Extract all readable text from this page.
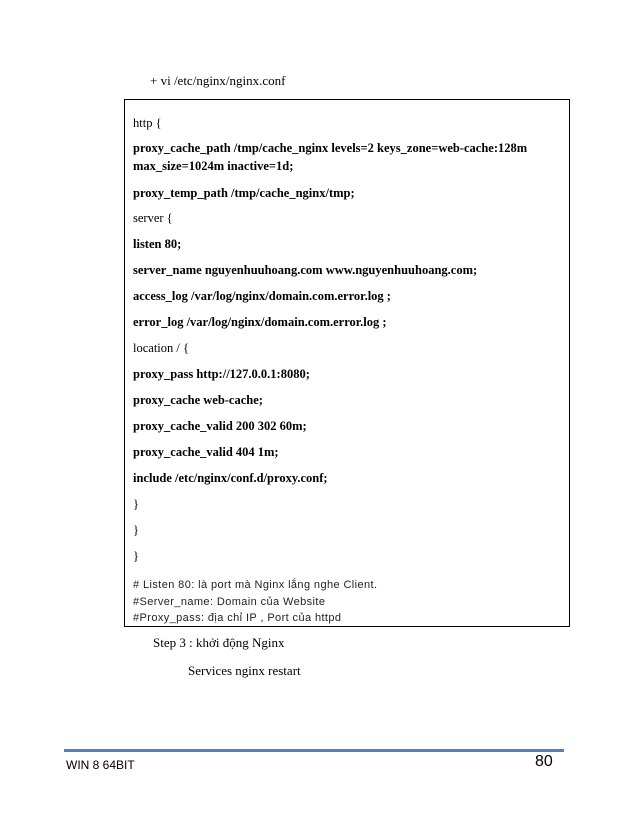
+ vi /etc/nginx/nginx.conf
http {
proxy_cache_path /tmp/cache_nginx levels=2 keys_zone=web-cache:128m
max_size=1024m inactive=1d;
proxy_temp_path /tmp/cache_nginx/tmp;
server {
listen 80;
server_name nguyenhuuhoang.com www.nguyenhuuhoang.com;
access_log /var/log/nginx/domain.com.error.log ;
error_log /var/log/nginx/domain.com.error.log ;
location / {
proxy_pass http://127.0.0.1:8080;
proxy_cache web-cache;
proxy_cache_valid 200 302 60m;
proxy_cache_valid 404 1m;
include /etc/nginx/conf.d/proxy.conf;
}
}
}
# Listen 80: là port mà Nginx lắng nghe Client.
#Server_name: Domain của Website
#Proxy_pass: địa chỉ IP , Port của httpd
Step 3 : khởi động Nginx
Services nginx restart
WIN 8 64BIT	80
